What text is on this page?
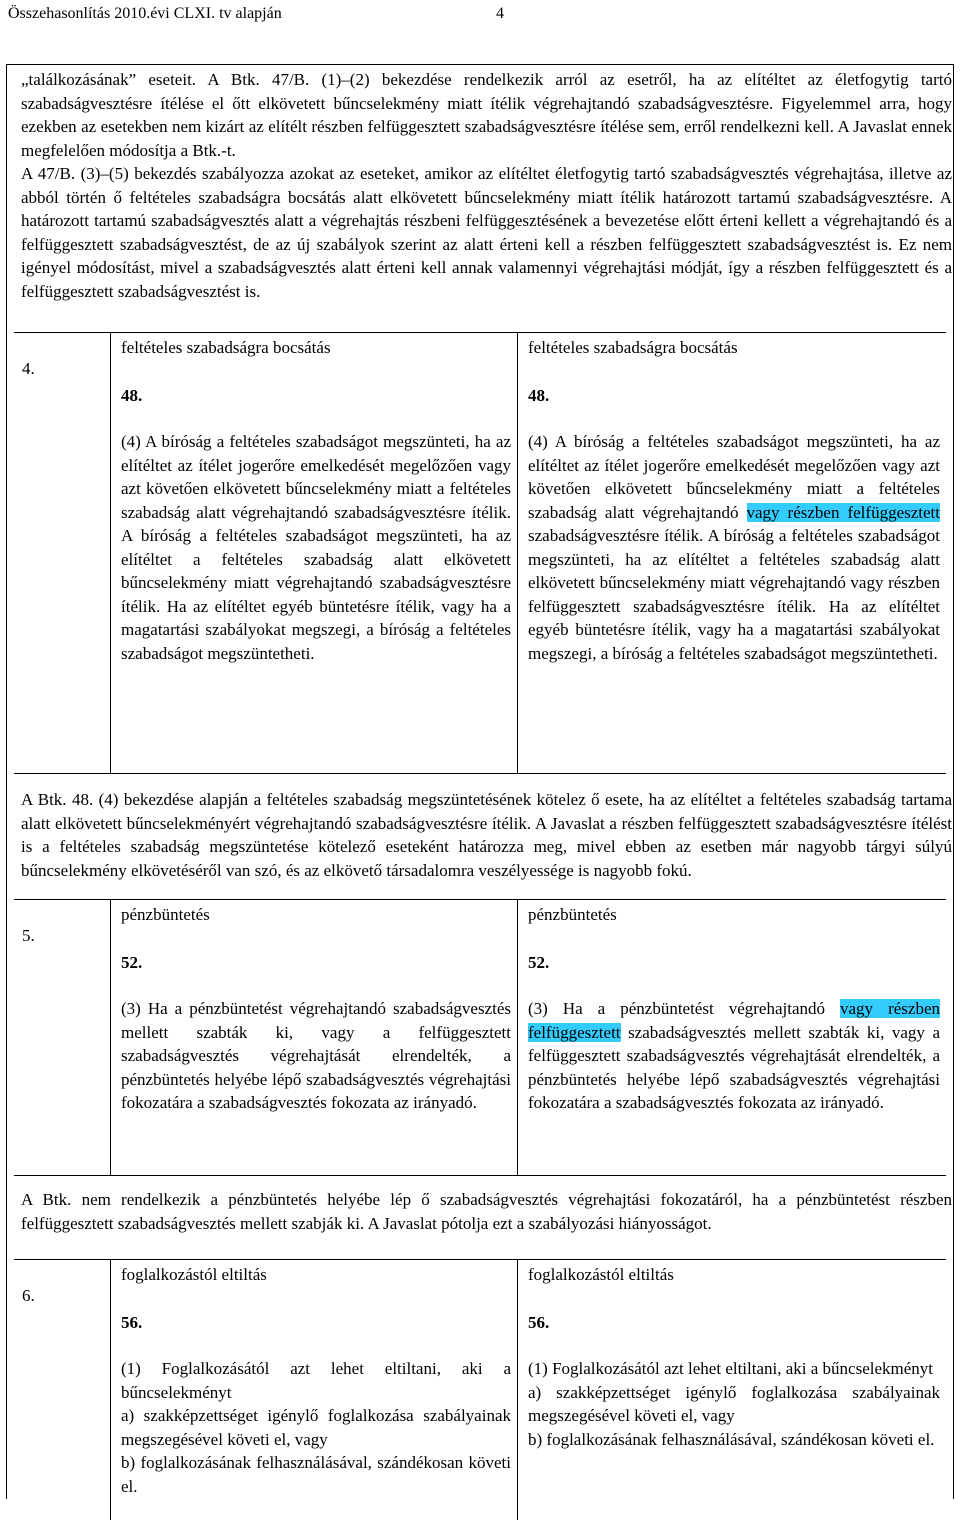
Összehasonlítás 2010.évi CLXI. tv alapján	4

„találkozásának” eseteit. A Btk. 47/B. (1)–(2) bekezdése rendelkezik arról az esetről, ha az elítéltet az életfogytig tartó szabadságvesztésre ítélése el őtt elkövetett bűncselekmény miatt ítélik végrehajtandó szabadságvesztésre. Figyelemmel arra, hogy ezekben az esetekben nem kizárt az elítélt részben felfüggesztett szabadságvesztésre ítélése sem, erről rendelkezni kell. A Javaslat ennek megfelelően módosítja a Btk.-t.

A 47/B. (3)–(5) bekezdés szabályozza azokat az eseteket, amikor az elítéltet életfogytig tartó szabadságvesztés végrehajtása, illetve az abból történ ő feltételes szabadságra bocsátás alatt elkövetett bűncselekmény miatt ítélik határozott tartamú szabadságvesztésre. A határozott tartamú szabadságvesztés alatt a végrehajtás részbeni felfüggesztésének a bevezetése előtt érteni kellett a végrehajtandó és a felfüggesztett szabadságvesztést, de az új szabályok szerint az alatt érteni kell a részben felfüggesztett szabadságvesztést is. Ez nem igényel módosítást, mivel a szabadságvesztés alatt érteni kell annak valamennyi végrehajtási módját, így a részben felfüggesztett és a felfüggesztett szabadságvesztést is.

4.

feltételes szabadságra bocsátás

48.

(4) A bíróság a feltételes szabadságot megszünteti, ha az elítéltet az ítélet jogerőre emelkedését megelőzően vagy azt követően elkövetett bűncselekmény miatt a feltételes szabadság alatt végrehajtandó szabadságvesztésre ítélik. A bíróság a feltételes szabadságot megszünteti, ha az elítéltet a feltételes szabadság alatt elkövetett bűncselekmény miatt végrehajtandó szabadságvesztésre ítélik. Ha az elítéltet egyéb büntetésre ítélik, vagy ha a magatartási szabályokat megszegi, a bíróság a feltételes szabadságot megszüntetheti.

feltételes szabadságra bocsátás

48.

(4) A bíróság a feltételes szabadságot megszünteti, ha az elítéltet az ítélet jogerőre emelkedését megelőzően vagy azt követően elkövetett bűncselekmény miatt a feltételes szabadság alatt végrehajtandó vagy részben felfüggesztett szabadságvesztésre ítélik. A bíróság a feltételes szabadságot megszünteti, ha az elítéltet a feltételes szabadság alatt elkövetett bűncselekmény miatt végrehajtandó vagy részben felfüggesztett szabadságvesztésre ítélik. Ha az elítéltet egyéb büntetésre ítélik, vagy ha a magatartási szabályokat megszegi, a bíróság a feltételes szabadságot megszüntetheti.

A Btk. 48. (4) bekezdése alapján a feltételes szabadság megszüntetésének kötelez ő esete, ha az elítéltet a feltételes szabadság tartama alatt elkövetett bűncselekményért végrehajtandó szabadságvesztésre ítélik. A Javaslat a részben felfüggesztett szabadságvesztésre ítélést is a feltételes szabadság megszüntetése kötelező eseteként határozza meg, mivel ebben az esetben már nagyobb tárgyi súlyú bűncselekmény elkövetéséről van szó, és az elkövető társadalomra veszélyessége is nagyobb fokú.

5.

pénzbüntetés

52.

(3) Ha a pénzbüntetést végrehajtandó szabadságvesztés mellett szabták ki, vagy a felfüggesztett szabadságvesztés végrehajtását elrendelték, a pénzbüntetés helyébe lépő szabadságvesztés végrehajtási fokozatára a szabadságvesztés fokozata az irányadó.

pénzbüntetés

52.

(3) Ha a pénzbüntetést végrehajtandó vagy részben felfüggesztett szabadságvesztés mellett szabták ki, vagy a felfüggesztett szabadságvesztés végrehajtását elrendelték, a pénzbüntetés helyébe lépő szabadságvesztés végrehajtási fokozatára a szabadságvesztés fokozata az irányadó.

A Btk. nem rendelkezik a pénzbüntetés helyébe lép ő szabadságvesztés végrehajtási fokozatáról, ha a pénzbüntetést részben felfüggesztett szabadságvesztés mellett szabják ki. A Javaslat pótolja ezt a szabályozási hiányosságot.

6.

foglalkozástól eltiltás

56.

(1) Foglalkozásától azt lehet eltiltani, aki a bűncselekményt

a) szakképzettséget igénylő foglalkozása szabályainak megszegésével követi el, vagy

b) foglalkozásának felhasználásával, szándékosan követi el.

foglalkozástól eltiltás

56.

(1) Foglalkozásától azt lehet eltiltani, aki a bűncselekményt

a) szakképzettséget igénylő foglalkozása szabályainak megszegésével követi el, vagy

b) foglalkozásának felhasználásával, szándékosan követi el.
